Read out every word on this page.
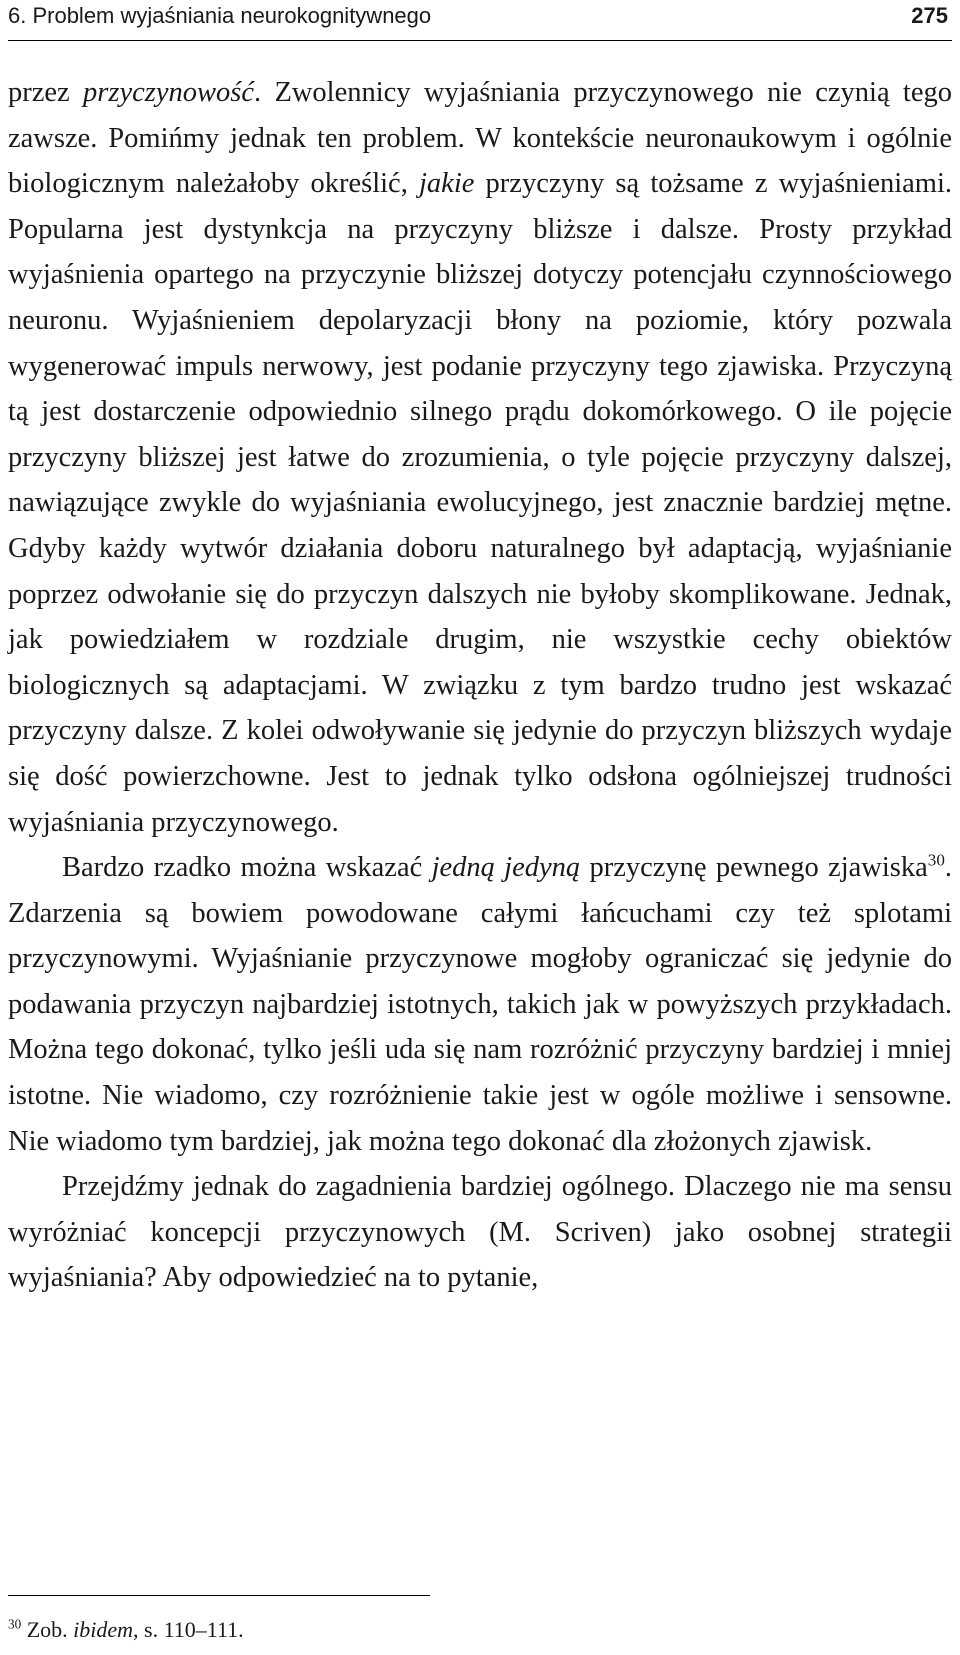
6. Problem wyjaśniania neurokognitywnego	275

przez przyczynowość. Zwolennicy wyjaśniania przyczynowego nie czynią tego zawsze. Pomińmy jednak ten problem. W kontekście neuronaukowym i ogólnie biologicznym należałoby określić, jakie przyczyny są tożsame z wyjaśnieniami. Popularna jest dystynkcja na przyczyny bliższe i dalsze. Prosty przykład wyjaśnienia opartego na przyczynie bliższej dotyczy potencjału czynnościowego neuronu. Wyjaśnieniem depolaryzacji błony na poziomie, który pozwala wygenerować impuls nerwowy, jest podanie przyczyny tego zjawiska. Przyczyną tą jest dostarczenie odpowiednio silnego prądu dokomórkowego. O ile pojęcie przyczyny bliższej jest łatwe do zrozumienia, o tyle pojęcie przyczyny dalszej, nawiązujące zwykle do wyjaśniania ewolucyjnego, jest znacznie bardziej mętne. Gdyby każdy wytwór działania doboru naturalnego był adaptacją, wyjaśnianie poprzez odwołanie się do przyczyn dalszych nie byłoby skomplikowane. Jednak, jak powiedziałem w rozdziale drugim, nie wszystkie cechy obiektów biologicznych są adaptacjami. W związku z tym bardzo trudno jest wskazać przyczyny dalsze. Z kolei odwoływanie się jedynie do przyczyn bliższych wydaje się dość powierzchowne. Jest to jednak tylko odsłona ogólniejszej trudności wyjaśniania przyczynowego.

Bardzo rzadko można wskazać jedną jedyną przyczynę pewnego zjawiska$^{30}$. Zdarzenia są bowiem powodowane całymi łańcuchami czy też splotami przyczynowymi. Wyjaśnianie przyczynowe mogłoby ograniczać się jedynie do podawania przyczyn najbardziej istotnych, takich jak w powyższych przykładach. Można tego dokonać, tylko jeśli uda się nam rozróżnić przyczyny bardziej i mniej istotne. Nie wiadomo, czy rozróżnienie takie jest w ogóle możliwe i sensowne. Nie wiadomo tym bardziej, jak można tego dokonać dla złożonych zjawisk.

Przejdźmy jednak do zagadnienia bardziej ogólnego. Dlaczego nie ma sensu wyróżniać koncepcji przyczynowych (M. Scriven) jako osobnej strategii wyjaśniania? Aby odpowiedzieć na to pytanie,

$^{30}$ Zob. ibidem, s. 110–111.
